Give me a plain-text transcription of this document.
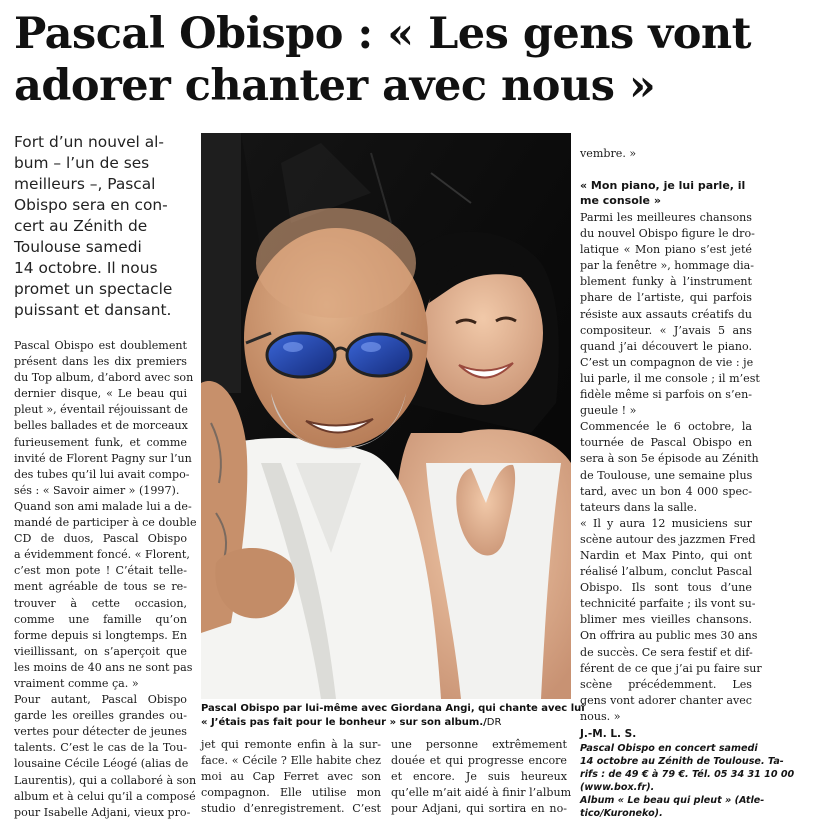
Pascal Obispo : « Les gens vont
adorer chanter avec nous »
Fort d’un nouvel al-
bum – l’un de ses
meilleurs –, Pascal
Obispo sera en con-
cert au Zénith de
Toulouse samedi
14 octobre. Il nous
promet un spectacle
puissant et dansant.
Pascal Obispo est doublement
présent dans les dix premiers
du Top album, d’abord avec son
dernier disque, « Le beau qui
pleut », éventail réjouissant de
belles ballades et de morceaux
furieusement funk, et comme
invité de Florent Pagny sur l’un
des tubes qu’il lui avait compo-
sés : « Savoir aimer » (1997).
Quand son ami malade lui a de-
mandé de participer à ce double
CD de duos, Pascal Obispo
a évidemment foncé. « Florent,
c’est mon pote ! C’était telle-
ment agréable de tous se re-
trouver à cette occasion,
comme une famille qu’on
forme depuis si longtemps. En
vieillissant, on s’aperçoit que
les moins de 40 ans ne sont pas
vraiment comme ça. »
Pour autant, Pascal Obispo
garde les oreilles grandes ou-
vertes pour détecter de jeunes
talents. C’est le cas de la Tou-
lousaine Cécile Léogé (alias de
Laurentis), qui a collaboré à son
album et à celui qu’il a composé
pour Isabelle Adjani, vieux pro-
Pascal Obispo par lui-même avec Giordana Angi, qui chante avec lui
« J’étais pas fait pour le bonheur » sur son album./DR
jet qui remonte enfin à la sur-
face. « Cécile ? Elle habite chez
moi au Cap Ferret avec son
compagnon. Elle utilise mon
studio d’enregistrement. C’est
une personne extrêmement
douée et qui progresse encore
et encore. Je suis heureux
qu’elle m’ait aidé à finir l’album
pour Adjani, qui sortira en no-
vembre. »
« Mon piano, je lui parle, il
me console »
Parmi les meilleures chansons
du nouvel Obispo figure le dro-
latique « Mon piano s’est jeté
par la fenêtre », hommage dia-
blement funky à l’instrument
phare de l’artiste, qui parfois
résiste aux assauts créatifs du
compositeur. « J’avais 5 ans
quand j’ai découvert le piano.
C’est un compagnon de vie : je
lui parle, il me console ; il m’est
fidèle même si parfois on s’en-
gueule ! »
Commencée le 6 octobre, la
tournée de Pascal Obispo en
sera à son 5e épisode au Zénith
de Toulouse, une semaine plus
tard, avec un bon 4 000 spec-
tateurs dans la salle.
« Il y aura 12 musiciens sur
scène autour des jazzmen Fred
Nardin et Max Pinto, qui ont
réalisé l’album, conclut Pascal
Obispo. Ils sont tous d’une
technicité parfaite ; ils vont su-
blimer mes vieilles chansons.
On offrira au public mes 30 ans
de succès. Ce sera festif et dif-
férent de ce que j’ai pu faire sur
scène précédemment. Les
gens vont adorer chanter avec
nous. »
J.-M. L. S.
Pascal Obispo en concert samedi
14 octobre au Zénith de Toulouse. Ta-
rifs : de 49 € à 79 €. Tél. 05 34 31 10 00
(www.box.fr).
Album « Le beau qui pleut » (Atle-
tico/Kuroneko).
